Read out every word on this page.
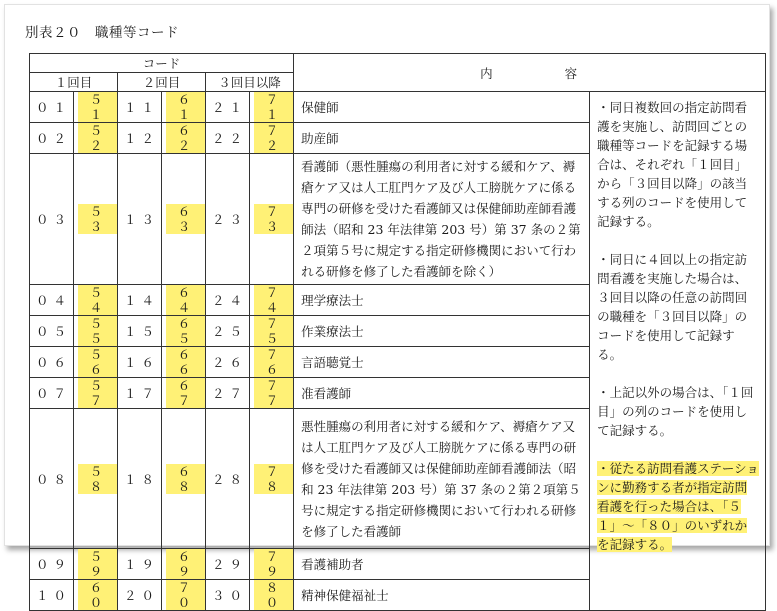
別表２０　職種等コード
コード						内 容	
１回目		２回目		３回目以降			
０１	５１	１１	６１	２１	７１	保健師	・同日複数回の指定訪問看護を実施し、訪問回ごとの職種等コードを記録する場合は、それぞれ「１回目」から「３回目以降」の該当する列のコードを使用して記録する。
・同日に４回以上の指定訪問看護を実施した場合は、３回目以降の任意の訪問回の職種を「３回目以降」のコードを使用して記録する。
・上記以外の場合は、「１回目」の列のコードを使用して記録する。
・従たる訪問看護ステーションに勤務する者が指定訪問看護を行った場合は、「５１」～「８０」のいずれかを記録する。

０２	５２	１２	６２	２２	７２	助産師	
０３	５３	１３	６３	２３	７３	看護師（悪性腫瘍の利用者に対する緩和ケア、褥瘡ケア又は人工肛門ケア及び人工膀胱ケアに係る専門の研修を受けた看護師又は保健師助産師看護師法（昭和 23 年法律第 203 号）第 37 条の２第２項第５号に規定する指定研修機関において行われる研修を修了した看護師を除く）	
０４	５４	１４	６４	２４	７４	理学療法士	
０５	５５	１５	６５	２５	７５	作業療法士	
０６	５６	１６	６６	２６	７６	言語聴覚士	
０７	５７	１７	６７	２７	７７	准看護師	
０８	５８	１８	６８	２８	７８	悪性腫瘍の利用者に対する緩和ケア、褥瘡ケア又は人工肛門ケア及び人工膀胱ケアに係る専門の研修を受けた看護師又は保健師助産師看護師法（昭和 23 年法律第 203 号）第 37 条の２第２項第５号に規定する指定研修機関において行われる研修を修了した看護師	
０９	５９	１９	６９	２９	７９	看護補助者	
１０	６０	２０	７０	３０	８０	精神保健福祉士	
